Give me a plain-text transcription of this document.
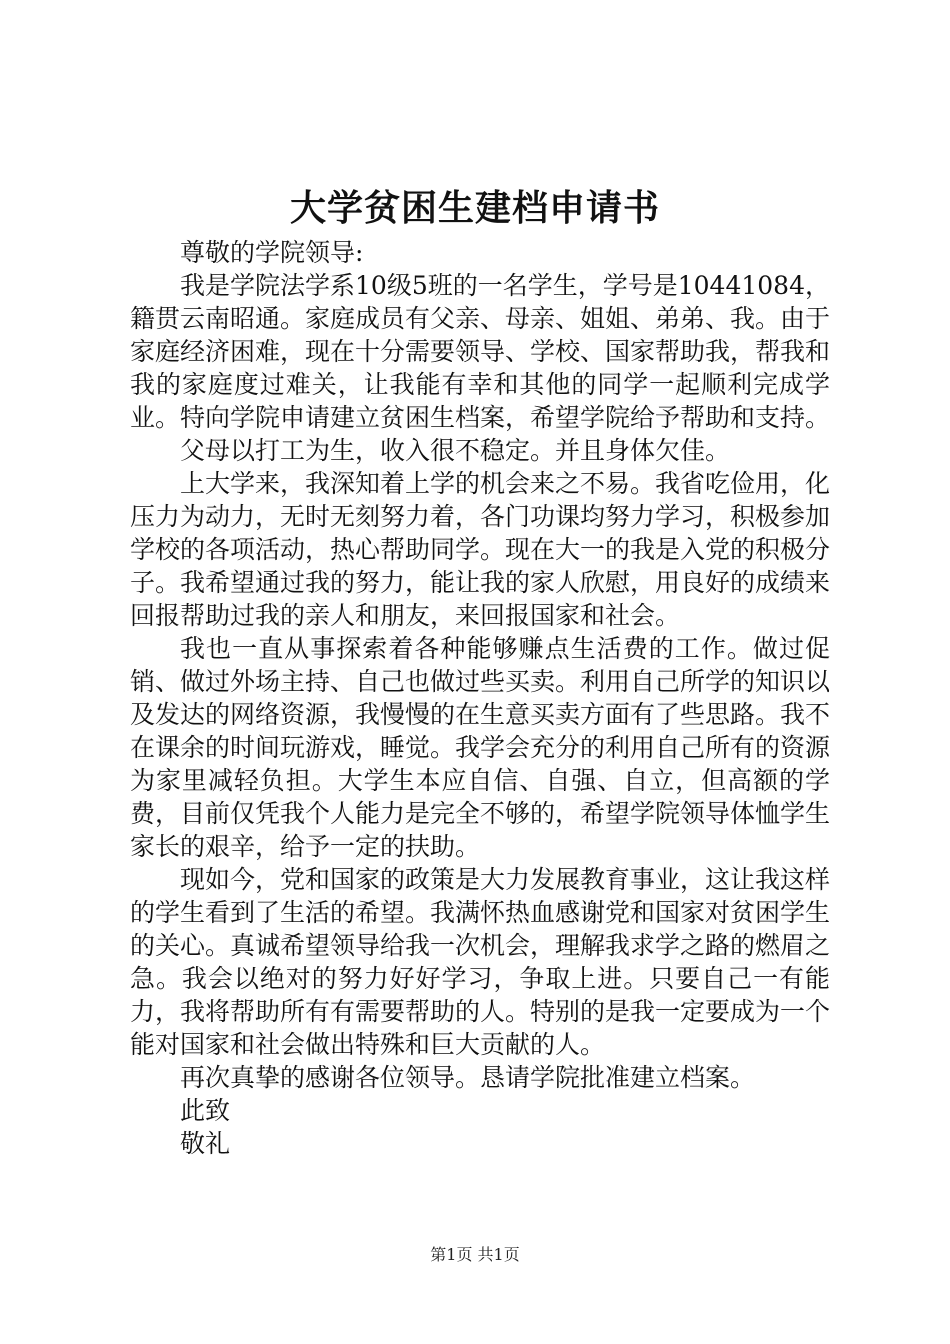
大学贫困生建档申请书

尊敬的学院领导:

我是学院法学系10级5班的一名学生，学号是10441084，籍贯云南昭通。家庭成员有父亲、母亲、姐姐、弟弟、我。由于家庭经济困难，现在十分需要领导、学校、国家帮助我，帮我和我的家庭度过难关，让我能有幸和其他的同学一起顺利完成学业。特向学院申请建立贫困生档案，希望学院给予帮助和支持。

父母以打工为生，收入很不稳定。并且身体欠佳。

上大学来，我深知着上学的机会来之不易。我省吃俭用，化压力为动力，无时无刻努力着，各门功课均努力学习，积极参加学校的各项活动，热心帮助同学。现在大一的我是入党的积极分子。我希望通过我的努力，能让我的家人欣慰，用良好的成绩来回报帮助过我的亲人和朋友，来回报国家和社会。

我也一直从事探索着各种能够赚点生活费的工作。做过促销、做过外场主持、自己也做过些买卖。利用自己所学的知识以及发达的网络资源，我慢慢的在生意买卖方面有了些思路。我不在课余的时间玩游戏，睡觉。我学会充分的利用自己所有的资源为家里减轻负担。大学生本应自信、自强、自立，但高额的学费，目前仅凭我个人能力是完全不够的，希望学院领导体恤学生家长的艰辛，给予一定的扶助。

现如今，党和国家的政策是大力发展教育事业，这让我这样的学生看到了生活的希望。我满怀热血感谢党和国家对贫困学生的关心。真诚希望领导给我一次机会，理解我求学之路的燃眉之急。我会以绝对的努力好好学习，争取上进。只要自己一有能力，我将帮助所有有需要帮助的人。特别的是我一定要成为一个能对国家和社会做出特殊和巨大贡献的人。

再次真挚的感谢各位领导。恳请学院批准建立档案。

此致

敬礼

第1页 共1页
